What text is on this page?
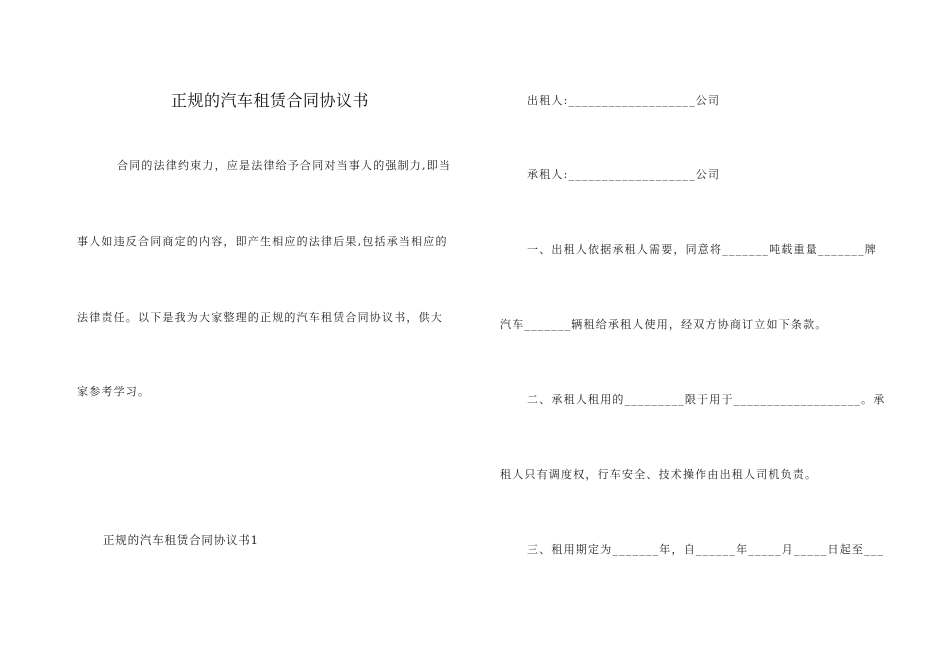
正规的汽车租赁合同协议书
合同的法律约束力，应是法律给予合同对当事人的强制力,即当
事人如违反合同商定的内容，即产生相应的法律后果,包括承当相应的
法律责任。以下是我为大家整理的正规的汽车租赁合同协议书，供大
家参考学习。
正规的汽车租赁合同协议书1
出租人:___________________公司
承租人:___________________公司
一、出租人依据承租人需要，同意将_______吨载重量_______牌
汽车_______辆租给承租人使用，经双方协商订立如下条款。
二、承租人租用的_________限于用于___________________。承
租人只有调度权，行车安全、技术操作由出租人司机负责。
三、租用期定为_______年，自______年_____月_____日起至___
